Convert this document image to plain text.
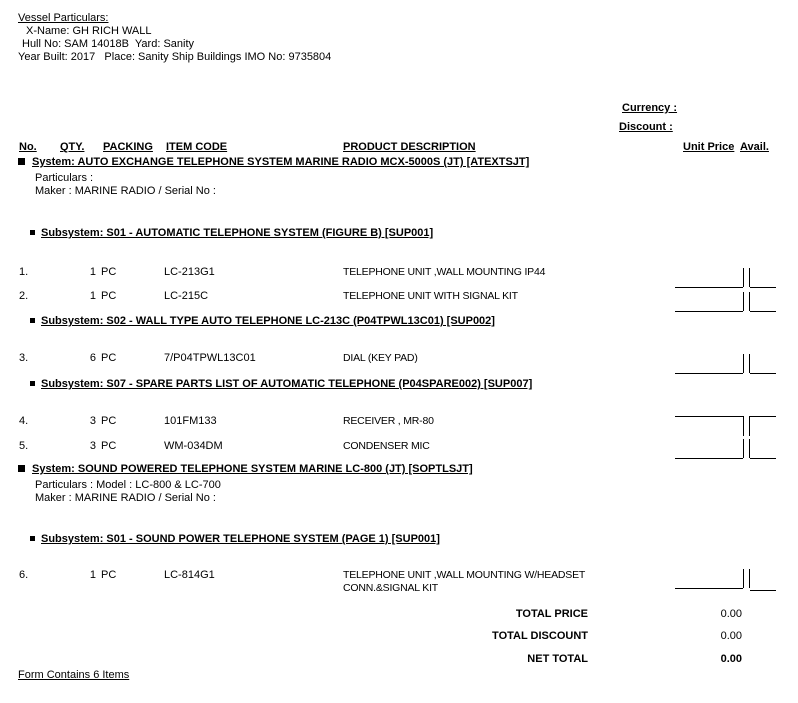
Vessel Particulars:
X-Name: GH RICH WALL
Hull No: SAM 14018B  Yard: Sanity
Year Built: 2017   Place: Sanity Ship Buildings IMO No: 9735804
Currency :
Discount :
No. QTY. PACKING ITEM CODE	PRODUCT DESCRIPTION	Unit Price Avail.
System: AUTO EXCHANGE TELEPHONE SYSTEM MARINE RADIO MCX-5000S (JT) [ATEXTSJT]
Particulars :
Maker : MARINE RADIO / Serial No :
Subsystem: S01 - AUTOMATIC TELEPHONE SYSTEM (FIGURE B) [SUP001]
1.	1 PC	LC-213G1	TELEPHONE UNIT ,WALL MOUNTING IP44
2.	1 PC	LC-215C	TELEPHONE UNIT WITH SIGNAL KIT
Subsystem: S02 - WALL TYPE AUTO TELEPHONE LC-213C (P04TPWL13C01) [SUP002]
3.	6 PC	7/P04TPWL13C01	DIAL (KEY PAD)
Subsystem: S07 - SPARE PARTS LIST OF AUTOMATIC TELEPHONE (P04SPARE002) [SUP007]
4.	3 PC	101FM133	RECEIVER , MR-80
5.	3 PC	WM-034DM	CONDENSER MIC
System: SOUND POWERED TELEPHONE SYSTEM MARINE LC-800 (JT) [SOPTLSJT]
Particulars : Model : LC-800 & LC-700
Maker : MARINE RADIO / Serial No :
Subsystem: S01 - SOUND POWER TELEPHONE SYSTEM (PAGE 1) [SUP001]
6.	1 PC	LC-814G1	TELEPHONE UNIT ,WALL MOUNTING W/HEADSET CONN.&SIGNAL KIT
TOTAL PRICE	0.00
TOTAL DISCOUNT	0.00
NET TOTAL	0.00
Form Contains 6 Items
